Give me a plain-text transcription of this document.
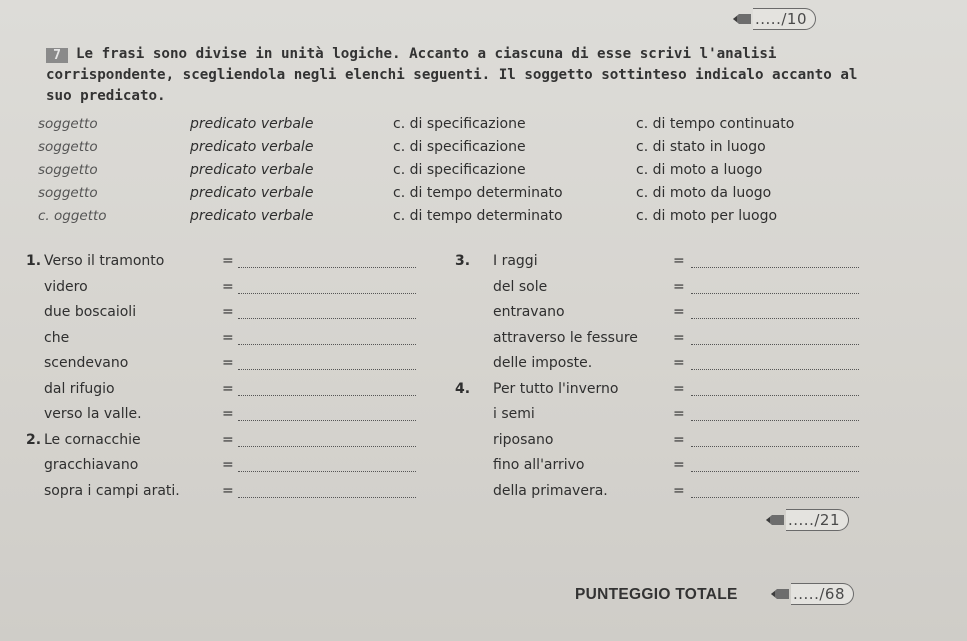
...../10
7 Le frasi sono divise in unità logiche. Accanto a ciascuna di esse scrivi l'analisi corrispondente, scegliendola negli elenchi seguenti. Il soggetto sottinteso indicalo accanto al suo predicato.
soggetto	predicato verbale	c. di specificazione	c. di tempo continuato
soggetto	predicato verbale	c. di specificazione	c. di stato in luogo
soggetto	predicato verbale	c. di specificazione	c. di moto a luogo
soggetto	predicato verbale	c. di tempo determinato	c. di moto da luogo
c. oggetto	predicato verbale	c. di tempo determinato	c. di moto per luogo
1. Verso il tramonto	=
videro	=
due boscaioli	=
che	=
scendevano	=
dal rifugio	=
verso la valle.	=
2. Le cornacchie	=
gracchiavano	=
sopra i campi arati.	=
3. I raggi	=
del sole	=
entravano	=
attraverso le fessure	=
delle imposte.	=
4. Per tutto l'inverno	=
i semi	=
riposano	=
fino all'arrivo	=
della primavera.	=
...../21
PUNTEGGIO TOTALE	...../68
